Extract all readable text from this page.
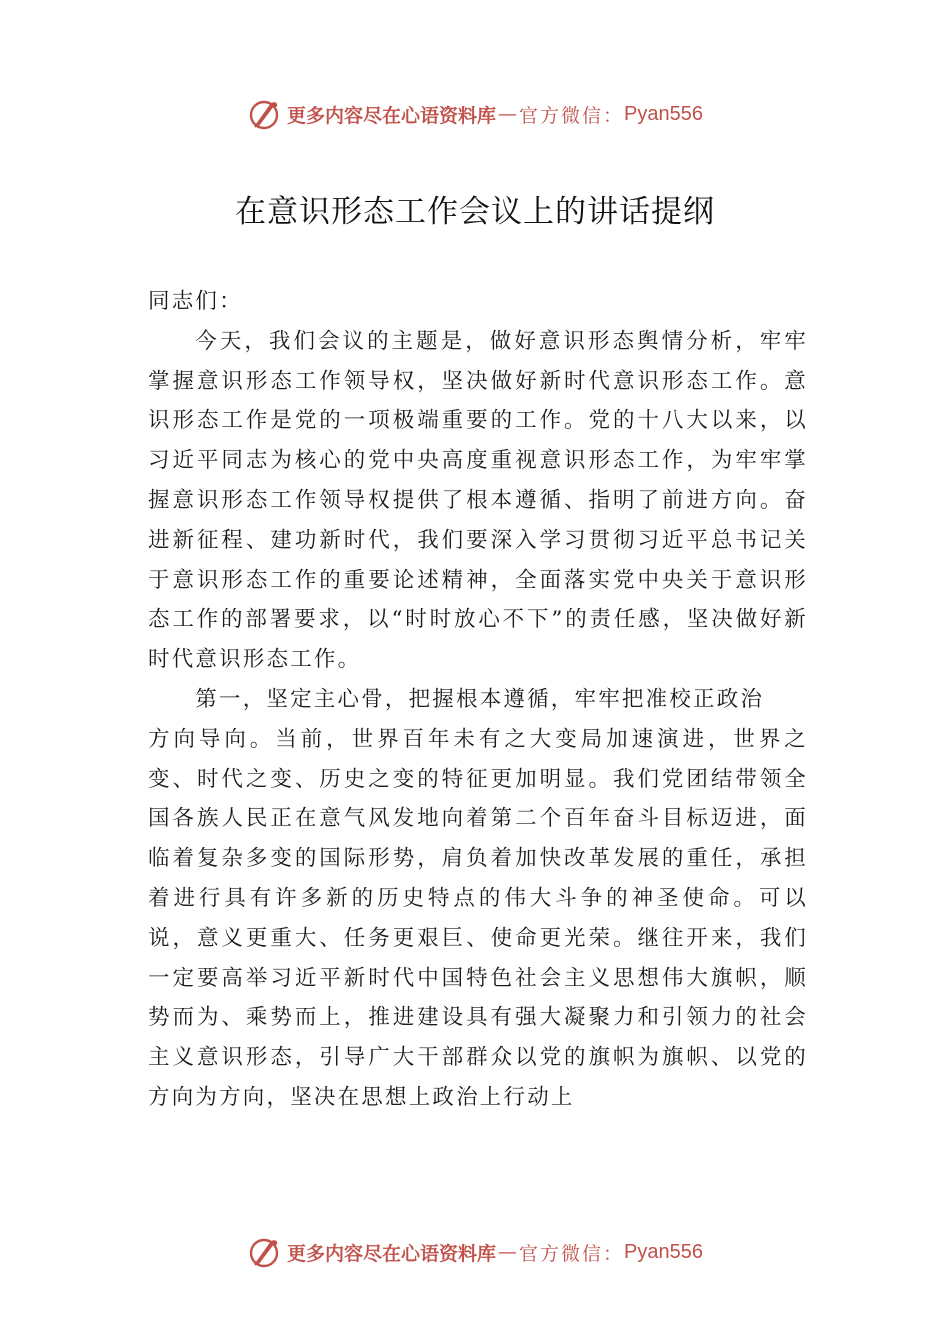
更多内容尽在心语资料库 — 官方微信： Pyan556
在意识形态工作会议上的讲话提纲

同志们：

今天，我们会议的主题是，做好意识形态舆情分析，牢牢掌握意识形态工作领导权，坚决做好新时代意识形态工作。意识形态工作是党的一项极端重要的工作。党的十八大以来，以习近平同志为核心的党中央高度重视意识形态工作，为牢牢掌握意识形态工作领导权提供了根本遵循、指明了前进方向。奋进新征程、建功新时代，我们要深入学习贯彻习近平总书记关于意识形态工作的重要论述精神，全面落实党中央关于意识形态工作的部署要求，以“时时放心不下”的责任感，坚决做好新时代意识形态工作。

第一，坚定主心骨，把握根本遵循，牢牢把准校正政治

方向导向。当前，世界百年未有之大变局加速演进，世界之变、时代之变、历史之变的特征更加明显。我们党团结带领全国各族人民正在意气风发地向着第二个百年奋斗目标迈进，面临着复杂多变的国际形势，肩负着加快改革发展的重任，承担着进行具有许多新的历史特点的伟大斗争的神圣使命。可以说，意义更重大、任务更艰巨、使命更光荣。继往开来，我们一定要高举习近平新时代中国特色社会主义思想伟大旗帜，顺势而为、乘势而上，推进建设具有强大凝聚力和引领力的社会主义意识形态，引导广大干部群众以党的旗帜为旗帜、以党的方向为方向，坚决在思想上政治上行动上

更多内容尽在心语资料库 — 官方微信： Pyan556
